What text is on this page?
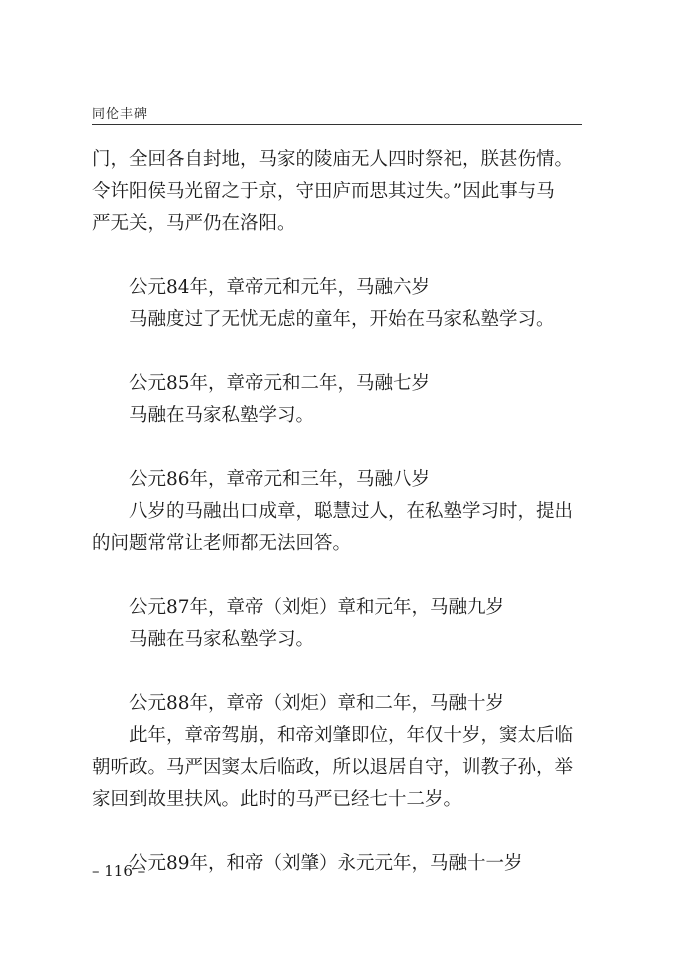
同伦丰碑

门，全回各自封地，马家的陵庙无人四时祭祀，朕甚伤情。

令许阳侯马光留之于京，守田庐而思其过失。”因此事与马

严无关，马严仍在洛阳。

公元84年，章帝元和元年，马融六岁

马融度过了无忧无虑的童年，开始在马家私塾学习。

公元85年，章帝元和二年，马融七岁

马融在马家私塾学习。

公元86年，章帝元和三年，马融八岁

八岁的马融出口成章，聪慧过人，在私塾学习时，提出的问题常常让老师都无法回答。

公元87年，章帝（刘炬）章和元年，马融九岁

马融在马家私塾学习。

公元88年，章帝（刘炬）章和二年，马融十岁

此年，章帝驾崩，和帝刘肇即位，年仅十岁，窦太后临朝听政。马严因窦太后临政，所以退居自守，训教子孙，举家回到故里扶风。此时的马严已经七十二岁。

公元89年，和帝（刘肇）永元元年，马融十一岁

– 116 –
